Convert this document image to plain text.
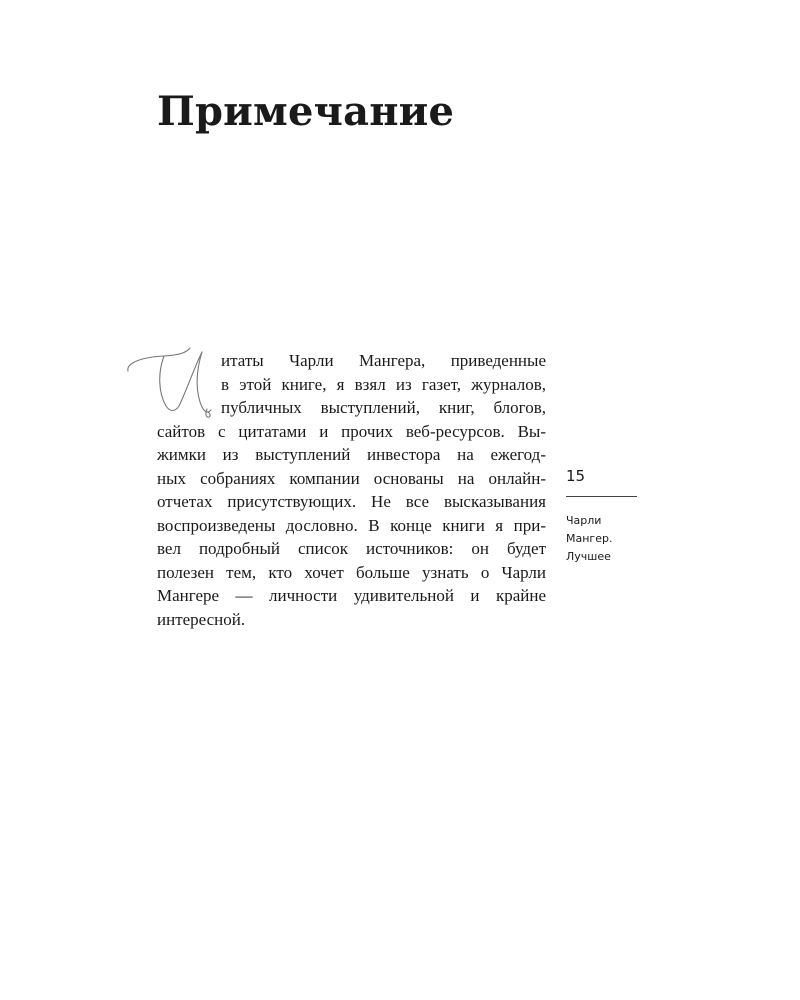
Примечание

итаты Чарли Мангера, приведенные

в этой книге, я взял из газет, журналов,

публичных выступлений, книг, блогов,

сайтов с цитатами и прочих веб-ресурсов. Вы-

жимки из выступлений инвестора на ежегод-

ных собраниях компании основаны на онлайн-

отчетах присутствующих. Не все высказывания

воспроизведены дословно. В конце книги я при-

вел подробный список источников: он будет

полезен тем, кто хочет больше узнать о Чарли

Мангере — личности удивительной и крайне

интересной.

15
Чарли
Мангер.
Лучшее
